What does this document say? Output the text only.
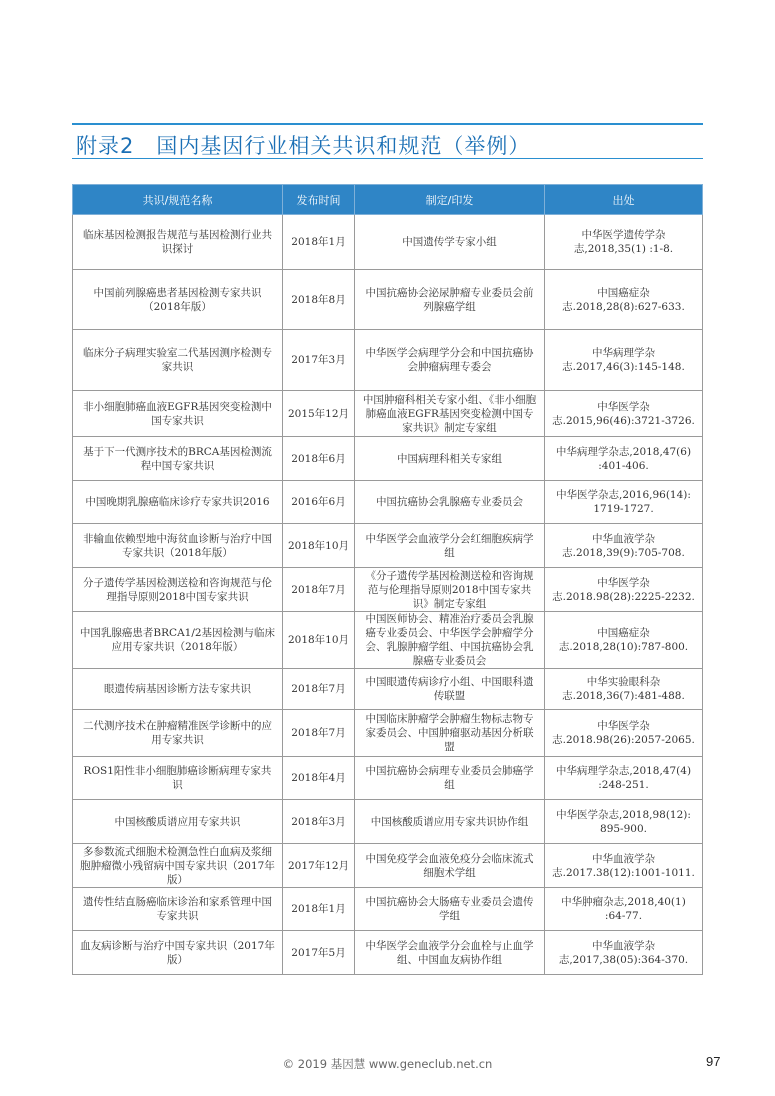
附录2　国内基因行业相关共识和规范（举例）
共识/规范名称	发布时间	制定/印发	出处
临床基因检测报告规范与基因检测行业共识探讨	2018年1月	中国遗传学专家小组	中华医学遗传学杂志,2018,35(1) :1-8.
中国前列腺癌患者基因检测专家共识（2018年版）	2018年8月	中国抗癌协会泌尿肿瘤专业委员会前列腺癌学组	中国癌症杂志.2018,28(8):627-633.
临床分子病理实验室二代基因测序检测专家共识	2017年3月	中华医学会病理学分会和中国抗癌协会肿瘤病理专委会	中华病理学杂志.2017,46(3):145-148.
非小细胞肺癌血液EGFR基因突变检测中国专家共识	2015年12月	中国肿瘤科相关专家小组、《非小细胞肺癌血液EGFR基因突变检测中国专家共识》制定专家组	中华医学杂志.2015,96(46):3721-3726.
基于下一代测序技术的BRCA基因检测流程中国专家共识	2018年6月	中国病理科相关专家组	中华病理学杂志,2018,47(6) :401-406.
中国晚期乳腺癌临床诊疗专家共识2016	2016年6月	中国抗癌协会乳腺癌专业委员会	中华医学杂志,2016,96(14): 1719-1727.
非输血依赖型地中海贫血诊断与治疗中国专家共识（2018年版）	2018年10月	中华医学会血液学分会红细胞疾病学组	中华血液学杂志.2018,39(9):705-708.
分子遗传学基因检测送检和咨询规范与伦理指导原则2018中国专家共识	2018年7月	《分子遗传学基因检测送检和咨询规范与伦理指导原则2018中国专家共识》制定专家组	中华医学杂志.2018.98(28):2225-2232.
中国乳腺癌患者BRCA1/2基因检测与临床应用专家共识（2018年版）	2018年10月	中国医师协会、精准治疗委员会乳腺癌专业委员会、中华医学会肿瘤学分会、乳腺肿瘤学组、中国抗癌协会乳腺癌专业委员会	中国癌症杂志.2018,28(10):787-800.
眼遗传病基因诊断方法专家共识	2018年7月	中国眼遗传病诊疗小组、中国眼科遗传联盟	中华实验眼科杂志.2018,36(7):481-488.
二代测序技术在肿瘤精准医学诊断中的应用专家共识	2018年7月	中国临床肿瘤学会肿瘤生物标志物专家委员会、中国肿瘤驱动基因分析联盟	中华医学杂志.2018.98(26):2057-2065.
ROS1阳性非小细胞肺癌诊断病理专家共识	2018年4月	中国抗癌协会病理专业委员会肺癌学组	中华病理学杂志,2018,47(4) :248-251.
中国核酸质谱应用专家共识	2018年3月	中国核酸质谱应用专家共识协作组	中华医学杂志,2018,98(12): 895-900.
多参数流式细胞术检测急性白血病及浆细胞肿瘤微小残留病中国专家共识（2017年版）	2017年12月	中国免疫学会血液免疫分会临床流式细胞术学组	中华血液学杂志.2017.38(12):1001-1011.
遗传性结直肠癌临床诊治和家系管理中国专家共识	2018年1月	中国抗癌协会大肠癌专业委员会遗传学组	中华肿瘤杂志,2018,40(1) :64-77.
血友病诊断与治疗中国专家共识（2017年版）	2017年5月	中华医学会血液学分会血栓与止血学组、中国血友病协作组	中华血液学杂志,2017,38(05):364-370.
© 2019 基因慧 www.geneclub.net.cn	97
